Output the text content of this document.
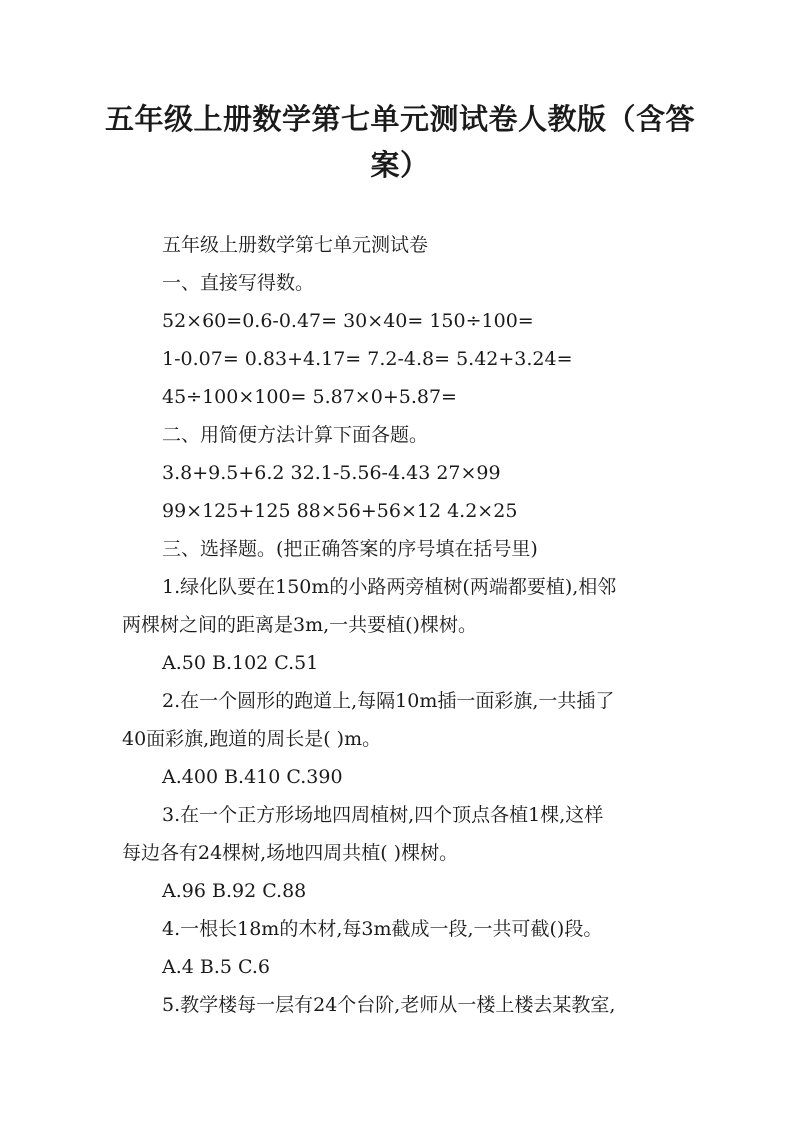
五年级上册数学第七单元测试卷人教版（含答案）

五年级上册数学第七单元测试卷

一、直接写得数。

52×60=0.6-0.47= 30×40= 150÷100=

1-0.07= 0.83+4.17= 7.2-4.8= 5.42+3.24=

45÷100×100= 5.87×0+5.87=

二、用简便方法计算下面各题。

3.8+9.5+6.2 32.1-5.56-4.43 27×99

99×125+125 88×56+56×12 4.2×25

三、选择题。(把正确答案的序号填在括号里)

1.绿化队要在150m的小路两旁植树(两端都要植),相邻

两棵树之间的距离是3m,一共要植()棵树。

A.50 B.102 C.51

2.在一个圆形的跑道上,每隔10m插一面彩旗,一共插了

40面彩旗,跑道的周长是( )m。

A.400 B.410 C.390

3.在一个正方形场地四周植树,四个顶点各植1棵,这样

每边各有24棵树,场地四周共植( )棵树。

A.96 B.92 C.88

4.一根长18m的木材,每3m截成一段,一共可截()段。

A.4 B.5 C.6

5.教学楼每一层有24个台阶,老师从一楼上楼去某教室,
